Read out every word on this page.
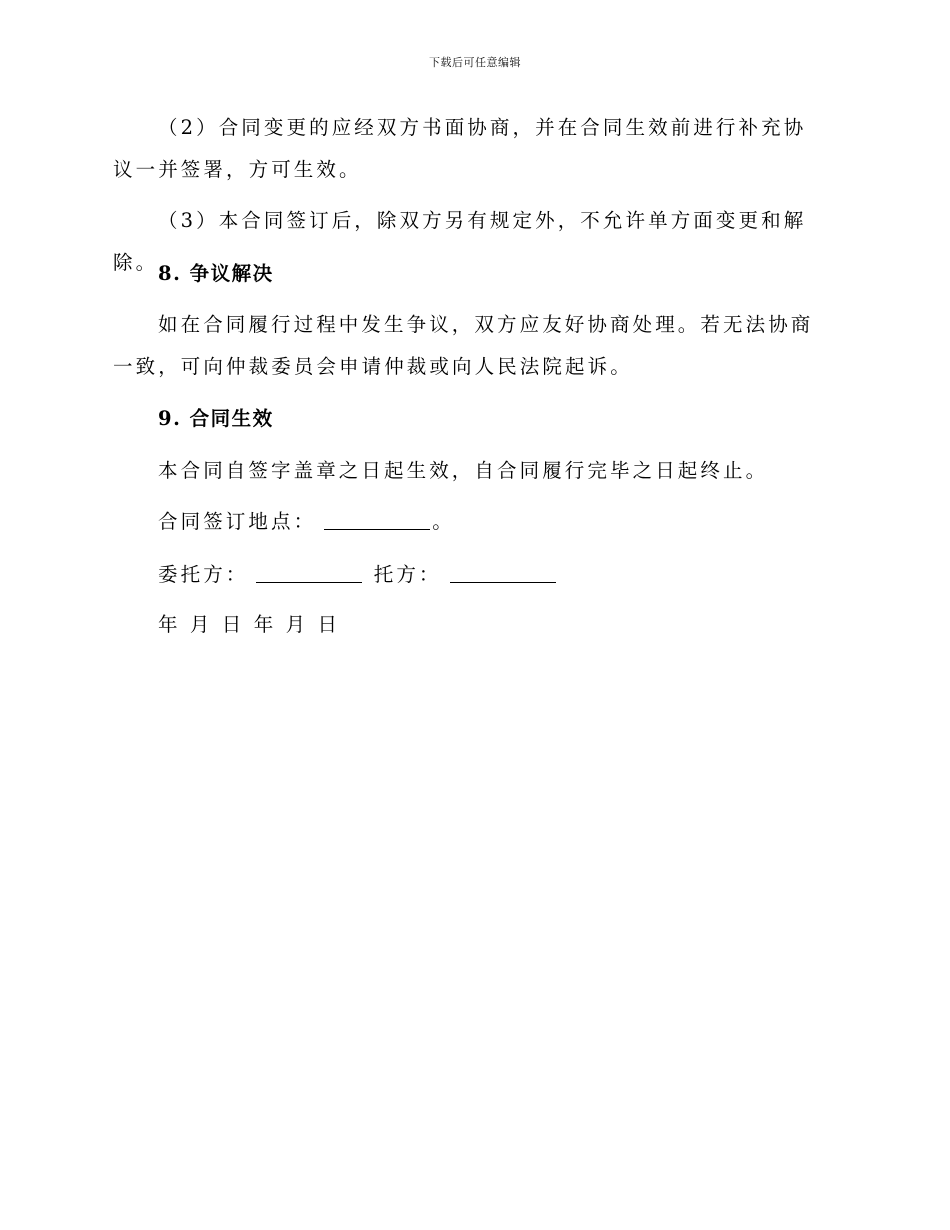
下载后可任意编辑

（2）合同变更的应经双方书面协商，并在合同生效前进行补充协议一并签署，方可生效。

（3）本合同签订后，除双方另有规定外，不允许单方面变更和解除。 8. 争议解决

如在合同履行过程中发生争议，双方应友好协商处理。若无法协商一致，可向仲裁委员会申请仲裁或向人民法院起诉。

9. 合同生效

本合同自签字盖章之日起生效，自合同履行完毕之日起终止。

合同签订地点：	。

委托方：	托方：

年 月 日 年 月 日
